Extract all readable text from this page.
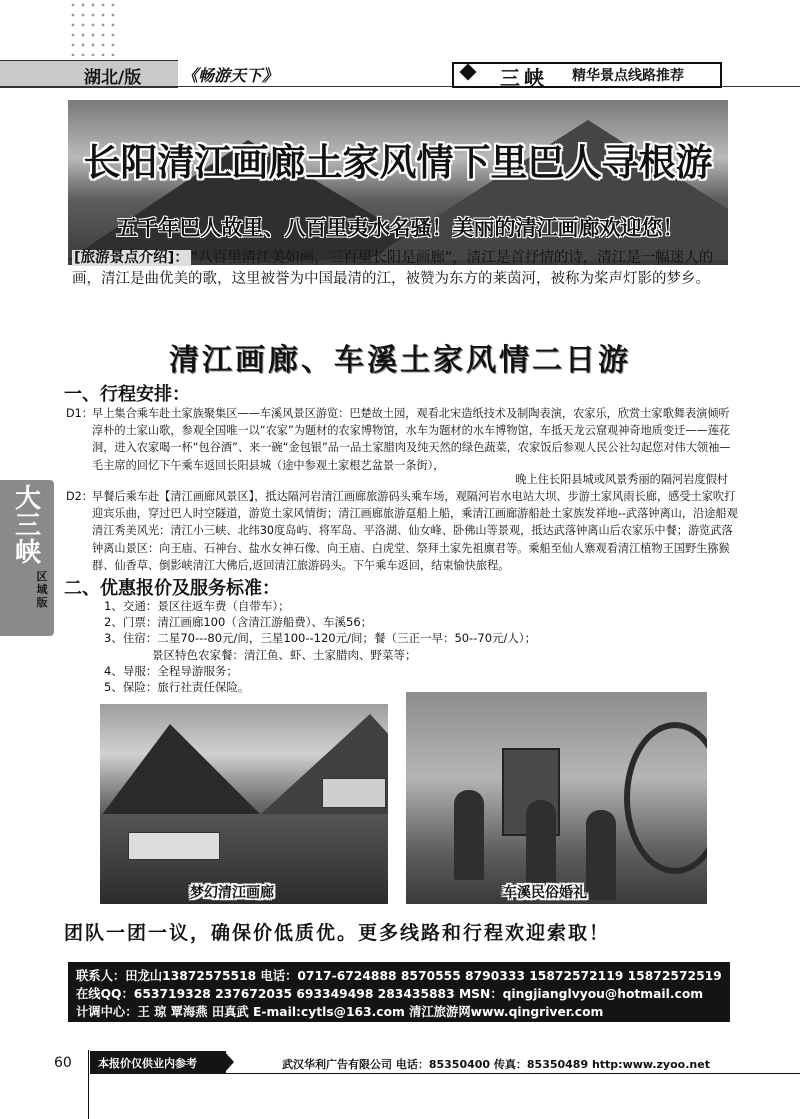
湖北/版	《畅游天下》	三峡 精华景点线路推荐
长阳清江画廊土家风情下里巴人寻根游
五千年巴人故里、八百里夷水名骚！美丽的清江画廊欢迎您！
[旅游景点介绍]： “八百里清江美如画，三百里长阳是画廊”，清江是首抒情的诗，清江是一幅迷人的画，清江是曲优美的歌，这里被誉为中国最清的江，被赞为东方的莱茵河，被称为桨声灯影的梦乡。
清江画廊、车溪土家风情二日游
一、行程安排：
D1： 早上集合乘车赴土家族聚集区——车溪风景区游览：巴楚故土园，观看北宋造纸技术及制陶表演，农家乐，欣赏土家歌舞表演倾听淳朴的土家山歌，参观全国唯一以“农家”为题材的农家博物馆，水车为题材的水车博物馆，车抵天龙云窟观神奇地质变迁——莲花洞，进入农家喝一杯“包谷酒”、来一碗“金包银”品一品土家腊肉及纯天然的绿色蔬菜，农家饭后参观人民公社勾起您对伟大领袖—毛主席的回忆下午乘车返回长阳县城（途中参观土家根艺盆景一条街），
晚上住长阳县城或风景秀丽的隔河岩度假村
D2： 早餐后乘车赴【清江画廊风景区】，抵达隔河岩清江画廊旅游码头乘车场，观隔河岩水电站大坝、步游土家风雨长廊，感受土家吹打迎宾乐曲，穿过巴人时空隧道，游览土家风情街；清江画廊旅游趸船上船，乘清江画廊游船赴土家族发祥地--武落钟离山，沿途船观清江秀美风光：清江小三峡、北纬30度岛屿、将军岛、平洛湖、仙女峰、卧佛山等景观，抵达武落钟离山后农家乐中餐；游览武落钟离山景区：向王庙、石神台、盐水女神石像、向王庙、白虎堂、祭拜土家先祖廪君等。乘船至仙人寨观看清江植物王国野生猕猴群、仙香草、倒影峡清江大佛后,返回清江旅游码头。下午乘车返回，结束愉快旅程。
二、优惠报价及服务标准：
1、交通：景区往返车费（自带车）；
2、门票：清江画廊100（含清江游船费）、车溪56；
3、住宿：二星70---80元/间，三星100--120元/间；餐（三正一早：50--70元/人）；
景区特色农家餐：清江鱼、虾、土家腊肉、野菜等；
4、导服：全程导游服务；
5、保险：旅行社责任保险。
大三峡
区域版
梦幻清江画廊	车溪民俗婚礼
团队一团一议，确保价低质优。更多线路和行程欢迎索取！
联系人：田龙山13872575518 电话：0717-6724888 8570555 8790333 15872572119 15872572519
在线QQ：653719328 237672035 693349498 283435883 MSN：qingjianglvyou@hotmail.com
计调中心：王 琼 覃海燕 田真武 E-mail:cytls@163.com 清江旅游网www.qingriver.com
60 本报价仅供业内参考	武汉华利广告有限公司 电话：85350400 传真：85350489 http:www.zyoo.net
